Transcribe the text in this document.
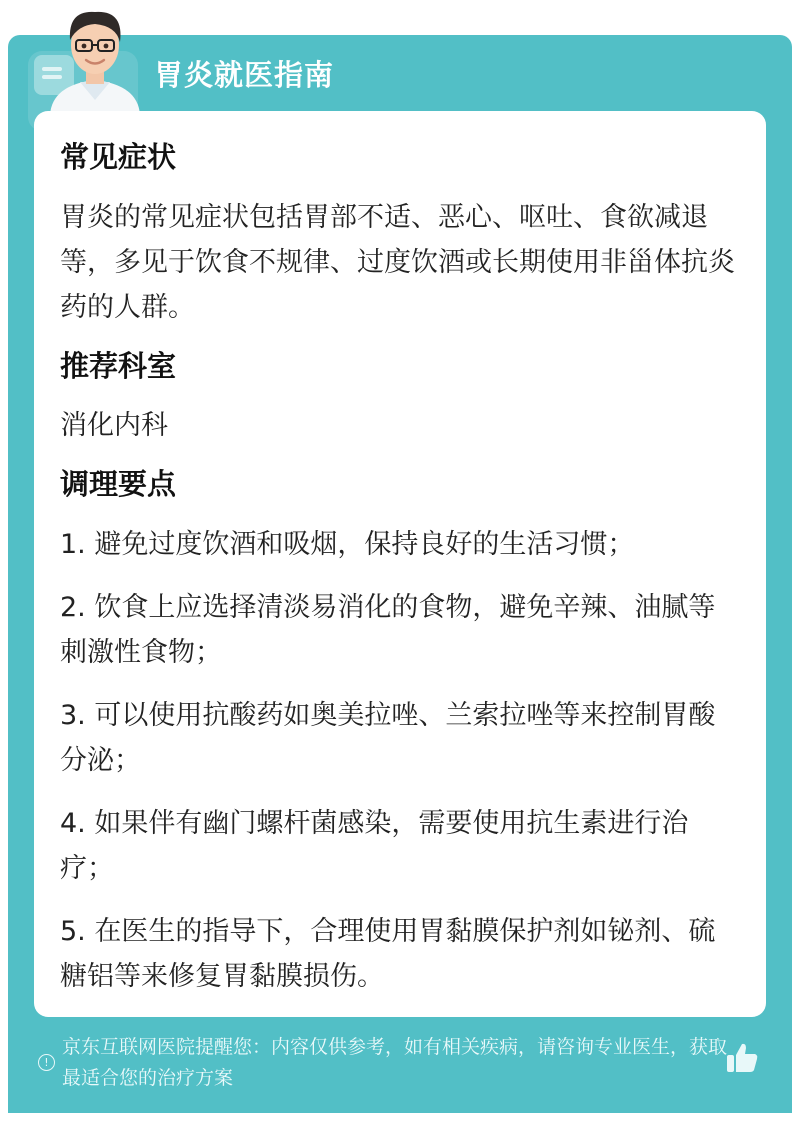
胃炎就医指南
常见症状

胃炎的常见症状包括胃部不适、恶心、呕吐、食欲减退等，多见于饮食不规律、过度饮酒或长期使用非甾体抗炎药的人群。

推荐科室

消化内科

调理要点

1. 避免过度饮酒和吸烟，保持良好的生活习惯；

2. 饮食上应选择清淡易消化的食物，避免辛辣、油腻等刺激性食物；

3. 可以使用抗酸药如奥美拉唑、兰索拉唑等来控制胃酸分泌；

4. 如果伴有幽门螺杆菌感染，需要使用抗生素进行治疗；

5. 在医生的指导下，合理使用胃黏膜保护剂如铋剂、硫糖铝等来修复胃黏膜损伤。

!
京东互联网医院提醒您：内容仅供参考，如有相关疾病，请咨询专业医生，获取最适合您的治疗方案
